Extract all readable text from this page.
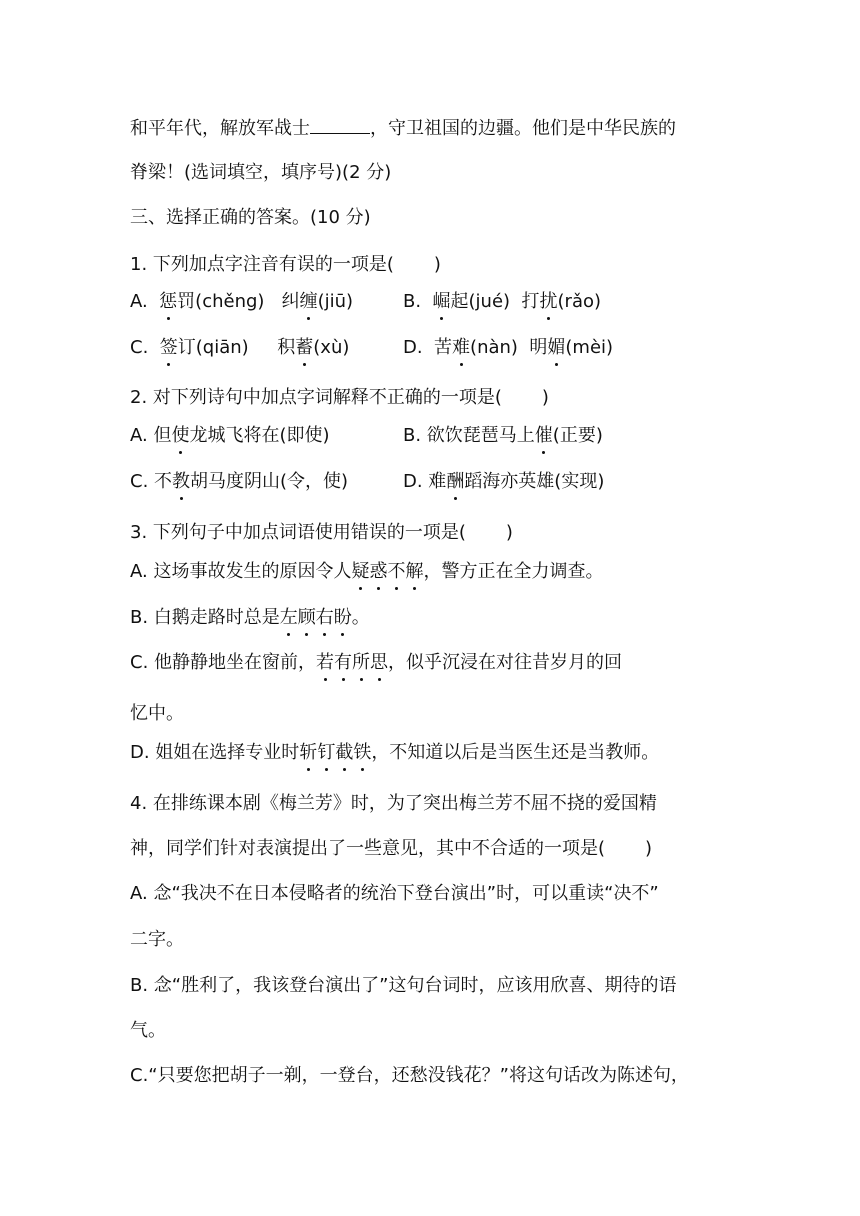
和平年代，解放军战士	，守卫祖国的边疆。他们是中华民族的
脊梁！(选词填空，填序号)(2 分)
三、选择正确的答案。(10 分)
1. 下列加点字注音有误的一项是( )
A. 惩罚(chěng) 纠缠(jiū)	B. 崛起(jué) 打扰(rǎo)
C. 签订(qiān) 积蓄(xù)	D. 苦难(nàn) 明媚(mèi)
2. 对下列诗句中加点字词解释不正确的一项是( )
A. 但使龙城飞将在(即使)	B. 欲饮琵琶马上催(正要)
C. 不教胡马度阴山(令，使)	D. 难酬蹈海亦英雄(实现)
3. 下列句子中加点词语使用错误的一项是( )
A. 这场事故发生的原因令人疑惑不解，警方正在全力调查。
B. 白鹅走路时总是左顾右盼。
C. 他静静地坐在窗前，若有所思，似乎沉浸在对往昔岁月的回
忆中。
D. 姐姐在选择专业时斩钉截铁，不知道以后是当医生还是当教师。
4. 在排练课本剧《梅兰芳》时，为了突出梅兰芳不屈不挠的爱国精
神，同学们针对表演提出了一些意见，其中不合适的一项是( )
A. 念“我决不在日本侵略者的统治下登台演出”时，可以重读“决不”
二字。
B. 念“胜利了，我该登台演出了”这句台词时，应该用欣喜、期待的语
气。
C.“只要您把胡子一剃，一登台，还愁没钱花？”将这句话改为陈述句，
